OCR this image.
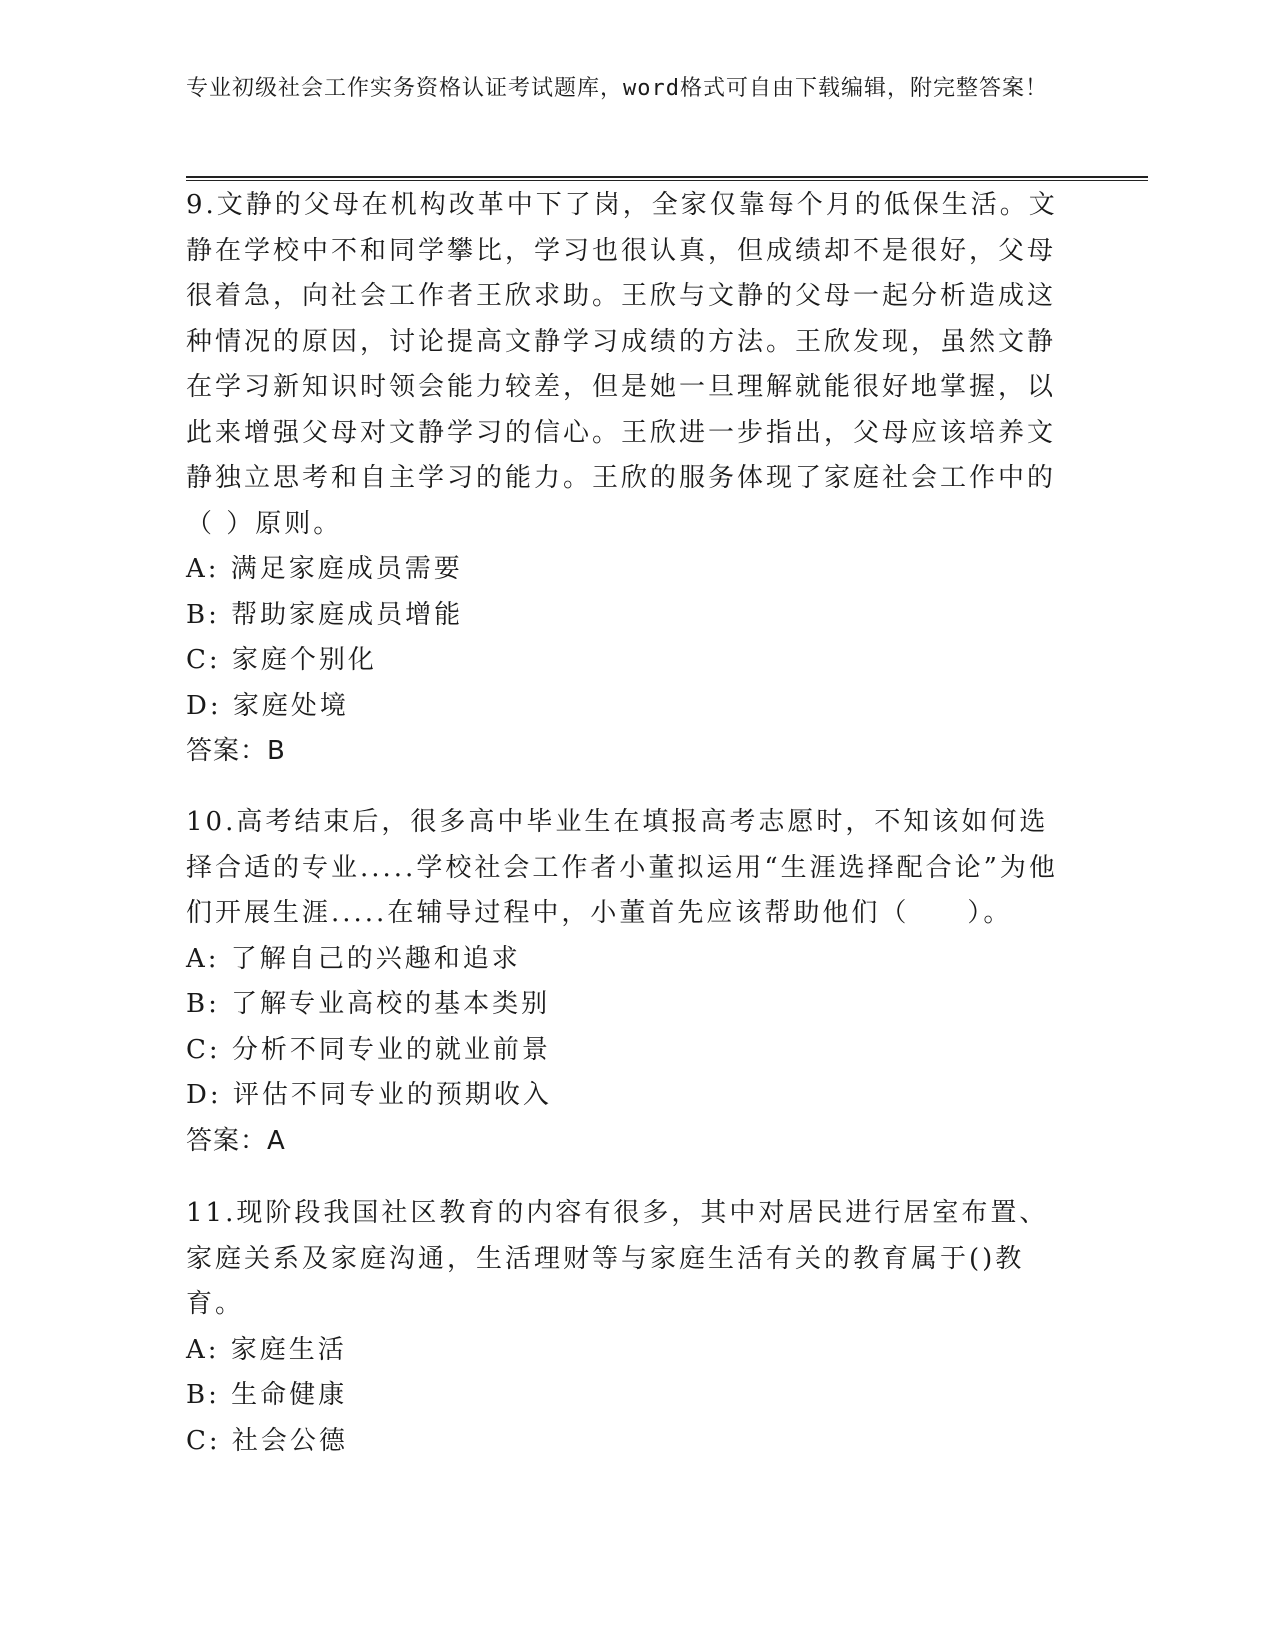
专业初级社会工作实务资格认证考试题库，word格式可自由下载编辑，附完整答案！

9.文静的父母在机构改革中下了岗，全家仅靠每个月的低保生活。文静在学校中不和同学攀比，学习也很认真，但成绩却不是很好，父母很着急，向社会工作者王欣求助。王欣与文静的父母一起分析造成这种情况的原因，讨论提高文静学习成绩的方法。王欣发现，虽然文静在学习新知识时领会能力较差，但是她一旦理解就能很好地掌握，以此来增强父母对文静学习的信心。王欣进一步指出，父母应该培养文静独立思考和自主学习的能力。王欣的服务体现了家庭社会工作中的（ ）原则。

A: 满足家庭成员需要

B: 帮助家庭成员增能

C: 家庭个别化

D: 家庭处境

答案：B

10.高考结束后，很多高中毕业生在填报高考志愿时，不知该如何选择合适的专业.....学校社会工作者小董拟运用“生涯选择配合论”为他们开展生涯.....在辅导过程中，小董首先应该帮助他们（　　）。

A: 了解自己的兴趣和追求

B: 了解专业高校的基本类别

C: 分析不同专业的就业前景

D: 评估不同专业的预期收入

答案：A

11.现阶段我国社区教育的内容有很多，其中对居民进行居室布置、家庭关系及家庭沟通，生活理财等与家庭生活有关的教育属于()教育。

A: 家庭生活

B: 生命健康

C: 社会公德
